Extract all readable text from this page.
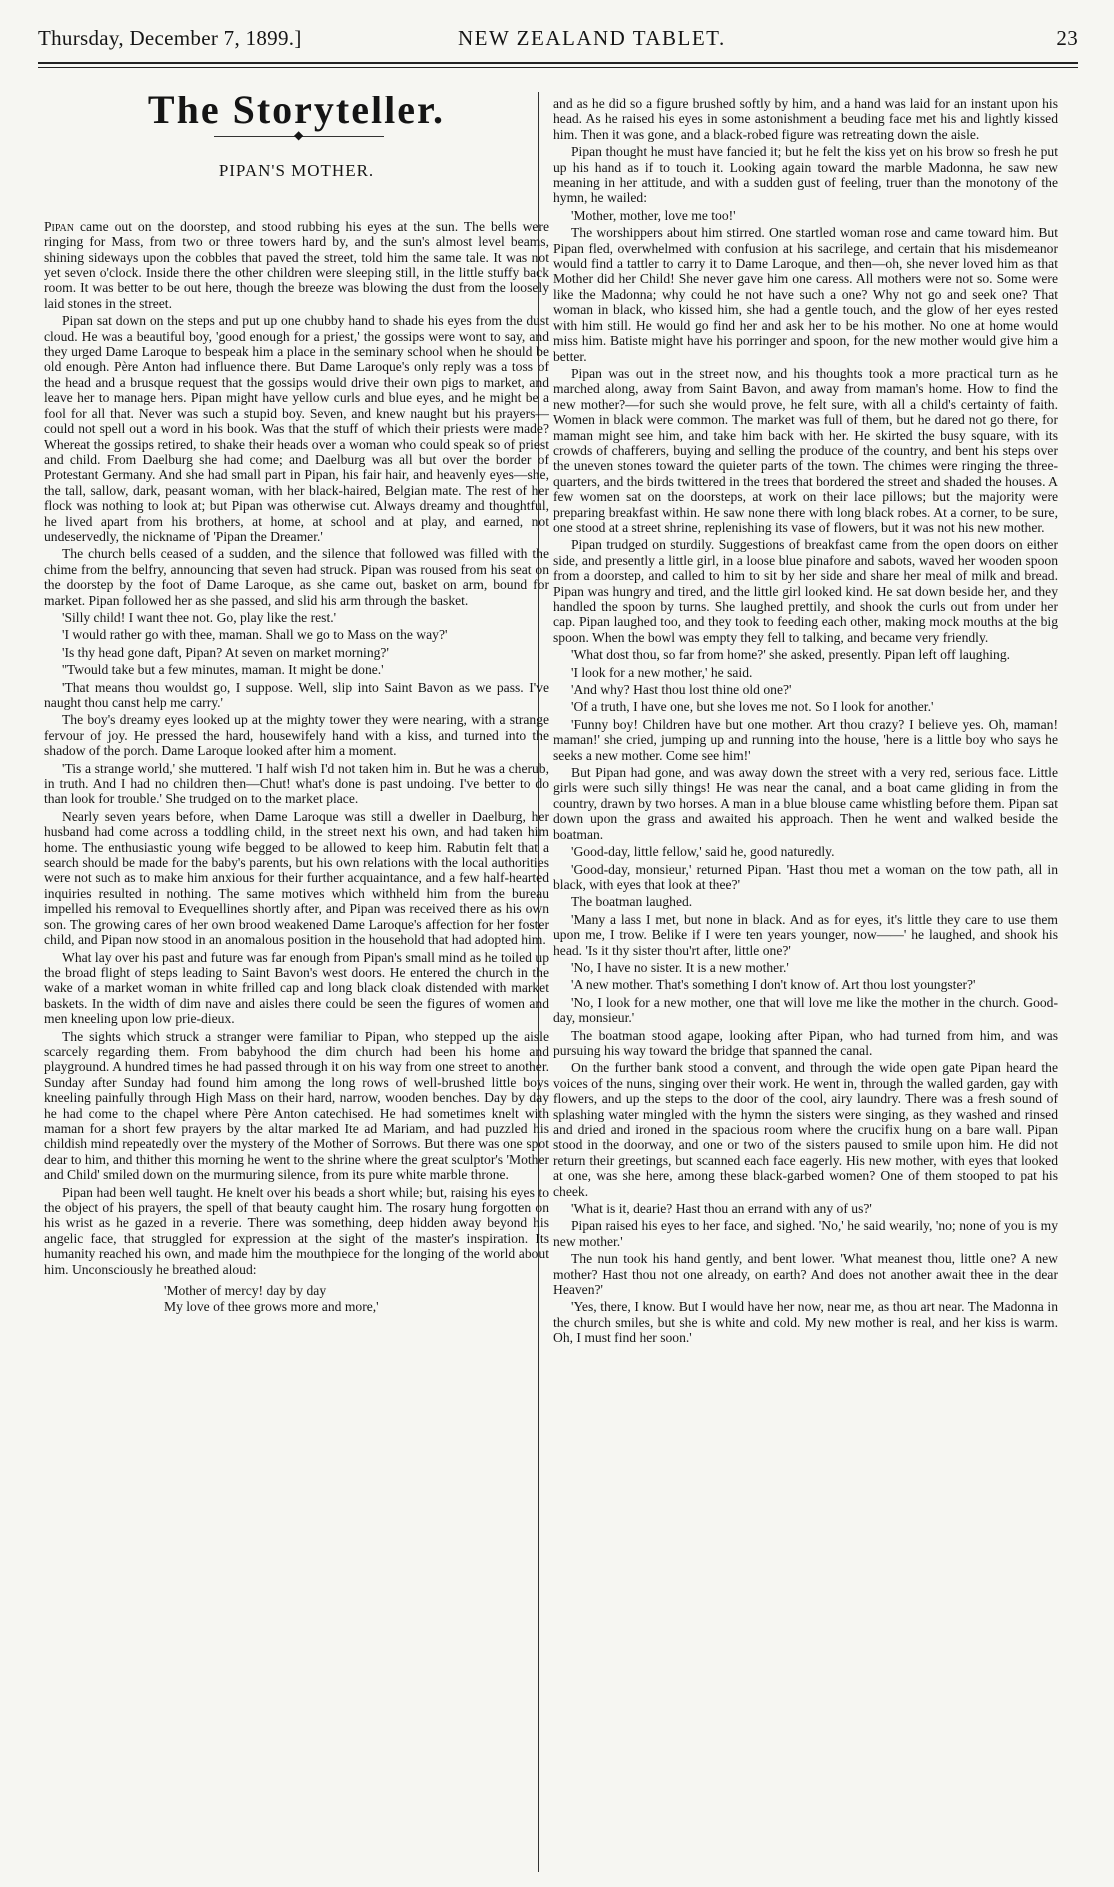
Thursday, December 7, 1899.]	NEW ZEALAND TABLET.	23
The Storyteller.
◆
PIPAN'S MOTHER.

Pipan came out on the doorstep, and stood rubbing his eyes at the sun. The bells were ringing for Mass, from two or three towers hard by, and the sun's almost level beams, shining sideways upon the cobbles that paved the street, told him the same tale. It was not yet seven o'clock. Inside there the other children were sleeping still, in the little stuffy back room. It was better to be out here, though the breeze was blowing the dust from the loosely laid stones in the street.

Pipan sat down on the steps and put up one chubby hand to shade his eyes from the dust cloud. He was a beautiful boy, 'good enough for a priest,' the gossips were wont to say, and they urged Dame Laroque to bespeak him a place in the seminary school when he should be old enough. Père Anton had influence there. But Dame Laroque's only reply was a toss of the head and a brusque request that the gossips would drive their own pigs to market, and leave her to manage hers. Pipan might have yellow curls and blue eyes, and he might be a fool for all that. Never was such a stupid boy. Seven, and knew naught but his prayers—could not spell out a word in his book. Was that the stuff of which their priests were made? Whereat the gossips retired, to shake their heads over a woman who could speak so of priest and child. From Daelburg she had come; and Daelburg was all but over the border of Protestant Germany. And she had small part in Pipan, his fair hair, and heavenly eyes—she, the tall, sallow, dark, peasant woman, with her black-haired, Belgian mate. The rest of her flock was nothing to look at; but Pipan was otherwise cut. Always dreamy and thoughtful, he lived apart from his brothers, at home, at school and at play, and earned, not undeservedly, the nickname of 'Pipan the Dreamer.'

The church bells ceased of a sudden, and the silence that followed was filled with the chime from the belfry, announcing that seven had struck. Pipan was roused from his seat on the doorstep by the foot of Dame Laroque, as she came out, basket on arm, bound for market. Pipan followed her as she passed, and slid his arm through the basket.

'Silly child! I want thee not. Go, play like the rest.'

'I would rather go with thee, maman. Shall we go to Mass on the way?'

'Is thy head gone daft, Pipan? At seven on market morning?'

''Twould take but a few minutes, maman. It might be done.'

'That means thou wouldst go, I suppose. Well, slip into Saint Bavon as we pass. I've naught thou canst help me carry.'

The boy's dreamy eyes looked up at the mighty tower they were nearing, with a strange fervour of joy. He pressed the hard, housewifely hand with a kiss, and turned into the shadow of the porch. Dame Laroque looked after him a moment.

'Tis a strange world,' she muttered. 'I half wish I'd not taken him in. But he was a cherub, in truth. And I had no children then—Chut! what's done is past undoing. I've better to do than look for trouble.' She trudged on to the market place.

Nearly seven years before, when Dame Laroque was still a dweller in Daelburg, her husband had come across a toddling child, in the street next his own, and had taken him home. The enthusiastic young wife begged to be allowed to keep him. Rabutin felt that a search should be made for the baby's parents, but his own relations with the local authorities were not such as to make him anxious for their further acquaintance, and a few half-hearted inquiries resulted in nothing. The same motives which withheld him from the bureau impelled his removal to Evequellines shortly after, and Pipan was received there as his own son. The growing cares of her own brood weakened Dame Laroque's affection for her foster child, and Pipan now stood in an anomalous position in the household that had adopted him.

What lay over his past and future was far enough from Pipan's small mind as he toiled up the broad flight of steps leading to Saint Bavon's west doors. He entered the church in the wake of a market woman in white frilled cap and long black cloak distended with market baskets. In the width of dim nave and aisles there could be seen the figures of women and men kneeling upon low prie-dieux.

The sights which struck a stranger were familiar to Pipan, who stepped up the aisle scarcely regarding them. From babyhood the dim church had been his home and playground. A hundred times he had passed through it on his way from one street to another. Sunday after Sunday had found him among the long rows of well-brushed little boys kneeling painfully through High Mass on their hard, narrow, wooden benches. Day by day he had come to the chapel where Père Anton catechised. He had sometimes knelt with maman for a short few prayers by the altar marked Ite ad Mariam, and had puzzled his childish mind repeatedly over the mystery of the Mother of Sorrows. But there was one spot dear to him, and thither this morning he went to the shrine where the great sculptor's 'Mother and Child' smiled down on the murmuring silence, from its pure white marble throne.

Pipan had been well taught. He knelt over his beads a short while; but, raising his eyes to the object of his prayers, the spell of that beauty caught him. The rosary hung forgotten on his wrist as he gazed in a reverie. There was something, deep hidden away beyond his angelic face, that struggled for expression at the sight of the master's inspiration. Its humanity reached his own, and made him the mouthpiece for the longing of the world about him. Unconsciously he breathed aloud:

'Mother of mercy! day by day
My love of thee grows more and more,'

and as he did so a figure brushed softly by him, and a hand was laid for an instant upon his head. As he raised his eyes in some astonishment a beuding face met his and lightly kissed him. Then it was gone, and a black-robed figure was retreating down the aisle.

Pipan thought he must have fancied it; but he felt the kiss yet on his brow so fresh he put up his hand as if to touch it. Looking again toward the marble Madonna, he saw new meaning in her attitude, and with a sudden gust of feeling, truer than the monotony of the hymn, he wailed:

'Mother, mother, love me too!'

The worshippers about him stirred. One startled woman rose and came toward him. But Pipan fled, overwhelmed with confusion at his sacrilege, and certain that his misdemeanor would find a tattler to carry it to Dame Laroque, and then—oh, she never loved him as that Mother did her Child! She never gave him one caress. All mothers were not so. Some were like the Madonna; why could he not have such a one? Why not go and seek one? That woman in black, who kissed him, she had a gentle touch, and the glow of her eyes rested with him still. He would go find her and ask her to be his mother. No one at home would miss him. Batiste might have his porringer and spoon, for the new mother would give him a better.

Pipan was out in the street now, and his thoughts took a more practical turn as he marched along, away from Saint Bavon, and away from maman's home. How to find the new mother?—for such she would prove, he felt sure, with all a child's certainty of faith. Women in black were common. The market was full of them, but he dared not go there, for maman might see him, and take him back with her. He skirted the busy square, with its crowds of chafferers, buying and selling the produce of the country, and bent his steps over the uneven stones toward the quieter parts of the town. The chimes were ringing the three-quarters, and the birds twittered in the trees that bordered the street and shaded the houses. A few women sat on the doorsteps, at work on their lace pillows; but the majority were preparing breakfast within. He saw none there with long black robes. At a corner, to be sure, one stood at a street shrine, replenishing its vase of flowers, but it was not his new mother.

Pipan trudged on sturdily. Suggestions of breakfast came from the open doors on either side, and presently a little girl, in a loose blue pinafore and sabots, waved her wooden spoon from a doorstep, and called to him to sit by her side and share her meal of milk and bread. Pipan was hungry and tired, and the little girl looked kind. He sat down beside her, and they handled the spoon by turns. She laughed prettily, and shook the curls out from under her cap. Pipan laughed too, and they took to feeding each other, making mock mouths at the big spoon. When the bowl was empty they fell to talking, and became very friendly.

'What dost thou, so far from home?' she asked, presently. Pipan left off laughing.

'I look for a new mother,' he said.

'And why? Hast thou lost thine old one?'

'Of a truth, I have one, but she loves me not. So I look for another.'

'Funny boy! Children have but one mother. Art thou crazy? I believe yes. Oh, maman! maman!' she cried, jumping up and running into the house, 'here is a little boy who says he seeks a new mother. Come see him!'

But Pipan had gone, and was away down the street with a very red, serious face. Little girls were such silly things! He was near the canal, and a boat came gliding in from the country, drawn by two horses. A man in a blue blouse came whistling before them. Pipan sat down upon the grass and awaited his approach. Then he went and walked beside the boatman.

'Good-day, little fellow,' said he, good naturedly.

'Good-day, monsieur,' returned Pipan. 'Hast thou met a woman on the tow path, all in black, with eyes that look at thee?'

The boatman laughed.

'Many a lass I met, but none in black. And as for eyes, it's little they care to use them upon me, I trow. Belike if I were ten years younger, now——' he laughed, and shook his head. 'Is it thy sister thou'rt after, little one?'

'No, I have no sister. It is a new mother.'

'A new mother. That's something I don't know of. Art thou lost youngster?'

'No, I look for a new mother, one that will love me like the mother in the church. Good-day, monsieur.'

The boatman stood agape, looking after Pipan, who had turned from him, and was pursuing his way toward the bridge that spanned the canal.

On the further bank stood a convent, and through the wide open gate Pipan heard the voices of the nuns, singing over their work. He went in, through the walled garden, gay with flowers, and up the steps to the door of the cool, airy laundry. There was a fresh sound of splashing water mingled with the hymn the sisters were singing, as they washed and rinsed and dried and ironed in the spacious room where the crucifix hung on a bare wall. Pipan stood in the doorway, and one or two of the sisters paused to smile upon him. He did not return their greetings, but scanned each face eagerly. His new mother, with eyes that looked at one, was she here, among these black-garbed women? One of them stooped to pat his cheek.

'What is it, dearie? Hast thou an errand with any of us?'

Pipan raised his eyes to her face, and sighed. 'No,' he said wearily, 'no; none of you is my new mother.'

The nun took his hand gently, and bent lower. 'What meanest thou, little one? A new mother? Hast thou not one already, on earth? And does not another await thee in the dear Heaven?'

'Yes, there, I know. But I would have her now, near me, as thou art near. The Madonna in the church smiles, but she is white and cold. My new mother is real, and her kiss is warm. Oh, I must find her soon.'
